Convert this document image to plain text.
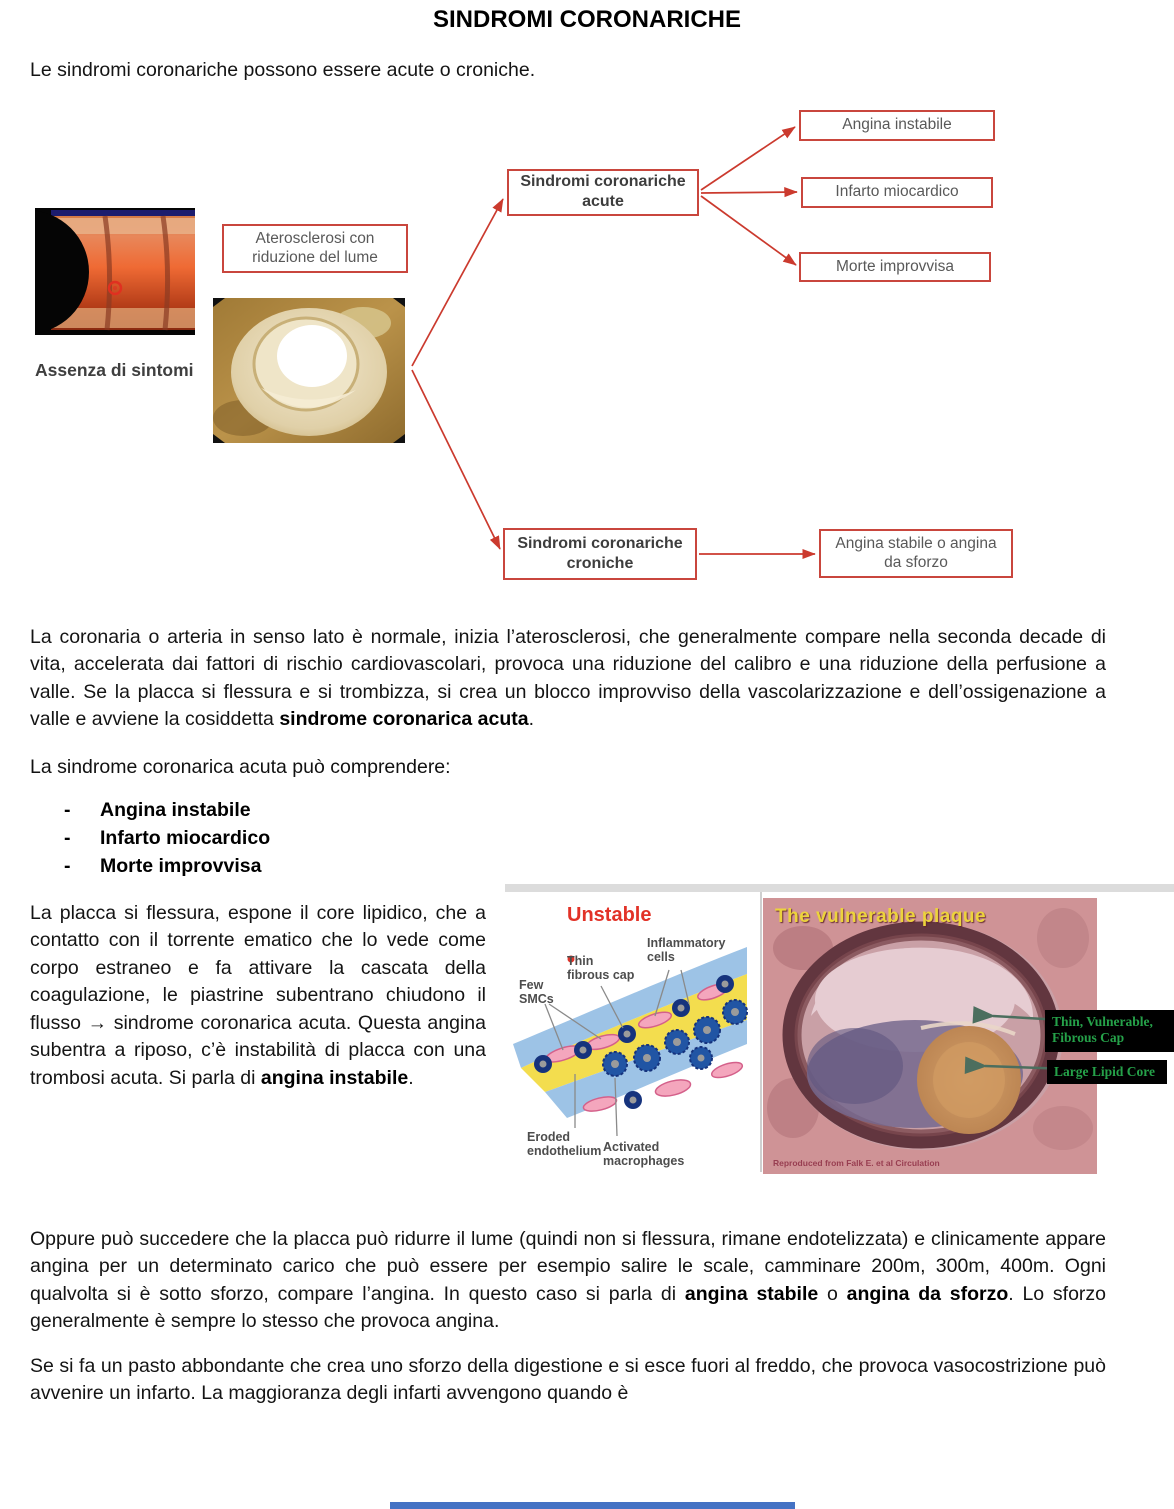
SINDROMI CORONARICHE

Le sindromi coronariche possono essere acute o croniche.

Aterosclerosi con riduzione del lume
Assenza di sintomi
Sindromi coronariche acute
Angina instabile
Infarto miocardico
Morte improvvisa
Sindromi coronariche croniche
Angina stabile o angina da sforzo

La coronaria o arteria in senso lato è normale, inizia l’aterosclerosi, che generalmente compare nella seconda decade di vita, accelerata dai fattori di rischio cardiovascolari, provoca una riduzione del calibro e una riduzione della perfusione a valle. Se la placca si flessura e si trombizza, si crea un blocco improvviso della vascolarizzazione e dell’ossigenazione a valle e avviene la cosiddetta sindrome coronarica acuta.

La sindrome coronarica acuta può comprendere:

- Angina instabile
- Infarto miocardico
- Morte improvvisa

La placca si flessura, espone il core lipidico, che a contatto con il torrente ematico che lo vede come corpo estraneo e fa attivare la cascata della coagulazione, le piastrine subentrano chiudono il flusso → sindrome coronarica acuta. Questa angina subentra a riposo, c’è instabilità di placca con una trombosi acuta. Si parla di angina instabile.

Unstable
Few SMCs
Thin fibrous cap
Inflammatory cells
Eroded endothelium Activated macrophages
The vulnerable plaque
Reproduced from Falk E. et al Circulation
Thin, Vulnerable, Fibrous Cap
Large Lipid Core

Oppure può succedere che la placca può ridurre il lume (quindi non si flessura, rimane endotelizzata) e clinicamente appare angina per un determinato carico che può essere per esempio salire le scale, camminare 200m, 300m, 400m. Ogni qualvolta si è sotto sforzo, compare l’angina. In questo caso si parla di angina stabile o angina da sforzo. Lo sforzo generalmente è sempre lo stesso che provoca angina.

Se si fa un pasto abbondante che crea uno sforzo della digestione e si esce fuori al freddo, che provoca vasocostrizione può avvenire un infarto. La maggioranza degli infarti avvengono quando è
